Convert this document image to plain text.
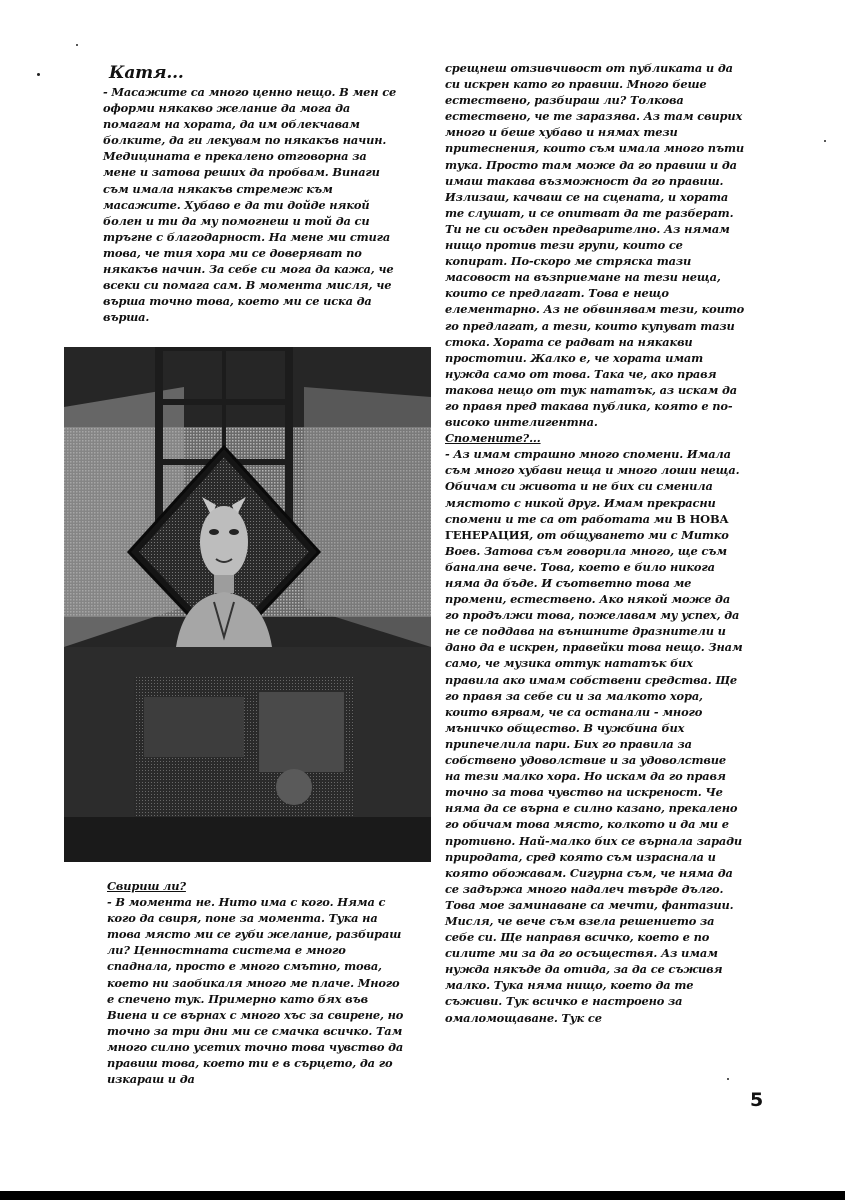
Катя...

- Масажите са много ценно нещо. В мен се оформи някакво желание да мога да помагам на хората, да им облекчавам болките, да ги лекувам по някакъв начин. Медицината е прекалено отговорна за мене и затова реших да пробвам. Винаги съм имала някакъв стремеж към масажите. Хубаво е да ти дойде някой болен и ти да му помогнеш и той да си тръгне с благодарност. На мене ми стига това, че тия хора ми се доверяват по някакъв начин. За себе си мога да кажа, че всеки си помага сам. В момента мисля, че върша точно това, което ми се иска да върша.

Свириш ли?

- В момента не. Нито има с кого. Няма с кого да свиря, поне за момента. Тука на това място ми се губи желание, разбираш ли? Ценностната система е много спаднала, просто е много смътно, това, което ни заобикаля много ме плаче. Много е спечено тук. Примерно като бях във Виена и се върнах с много хъс за свирене, но точно за три дни ми се смачка всичко. Там много силно усетих точно това чувство да правиш това, което ти е в сърцето, да го изкараш и да

срещнеш отзивчивост от публиката и да си искрен като го правиш. Много беше естествено, разбираш ли? Толкова естествено, че те заразява. Аз там свирих много и беше хубаво и нямах тези притеснения, които съм имала много пъти тука. Просто там може да го правиш и да имаш такава възможност да го правиш. Излизаш, качваш се на сцената, и хората те слушат, и се опитват да те разберат. Ти не си осъден предварително. Аз нямам нищо против тези групи, които се копират. По-скоро ме стряска тази масовост на възприемане на тези неща, които се предлагат. Това е нещо елементарно. Аз не обвинявам тези, които го предлагат, а тези, които купуват тази стока. Хората се радват на някакви простотии. Жалко е, че хората имат нужда само от това. Така че, ако правя такова нещо от тук нататък, аз искам да го правя пред такава публика, която е по-високо интелигентна.

Спомените?...

- Аз имам страшно много спомени. Имала съм много хубави неща и много лоши неща. Обичам си живота и не бих си сменила мястото с никой друг. Имам прекрасни спомени и те са от работата ми В НОВА ГЕНЕРАЦИЯ, от общуването ми с Митко Воев. Затова съм говорила много, ще съм банална вече. Това, което е било никога няма да бъде. И съответно това ме промени, естествено. Ако някой може да го продължи това, пожелавам му успех, да не се поддава на външните дразнители и дано да е искрен, правейки това нещо. Знам само, че музика оттук нататък бих правила ако имам собствени средства. Ще го правя за себе си и за малкото хора, които вярвам, че са останали - много мъничко общество. В чужбина бих припечелила пари. Бих го правила за собствено удоволствие и за удоволствие на тези малко хора. Но искам да го правя точно за това чувство на искреност. Че няма да се върна е силно казано, прекалено го обичам това място, колкото и да ми е противно. Най-малко бих се върнала заради природата, сред която съм израснала и която обожавам. Сигурна съм, че няма да се задържа много надалеч твърде дълго. Това мое заминаване са мечти, фантазии. Мисля, че вече съм взела решението за себе си. Ще направя всичко, което е по силите ми за да го осъществя. Аз имам нужда някъде да отида, за да се съживя малко. Тука няма нищо, което да те съживи. Тук всичко е настроено за омаломощаване. Тук се

5
